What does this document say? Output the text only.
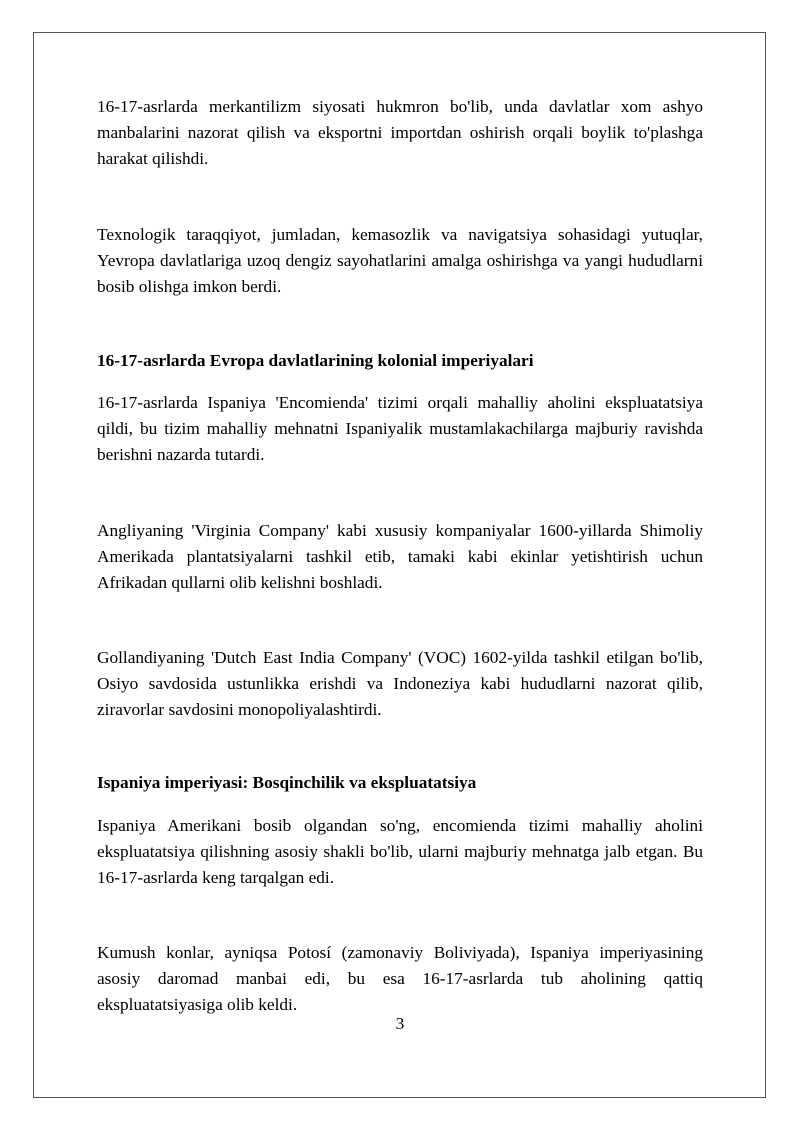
16-17-asrlarda merkantilizm siyosati hukmron bo'lib, unda davlatlar xom ashyo manbalarini nazorat qilish va eksportni importdan oshirish orqali boylik to'plashga harakat qilishdi.

Texnologik taraqqiyot, jumladan, kemasozlik va navigatsiya sohasidagi yutuqlar, Yevropa davlatlariga uzoq dengiz sayohatlarini amalga oshirishga va yangi hududlarni bosib olishga imkon berdi.

16-17-asrlarda Evropa davlatlarining kolonial imperiyalari

16-17-asrlarda Ispaniya 'Encomienda' tizimi orqali mahalliy aholini ekspluatatsiya qildi, bu tizim mahalliy mehnatni Ispaniyalik mustamlakachilarga majburiy ravishda berishni nazarda tutardi.

Angliyaning 'Virginia Company' kabi xususiy kompaniyalar 1600-yillarda Shimoliy Amerikada plantatsiyalarni tashkil etib, tamaki kabi ekinlar yetishtirish uchun Afrikadan qullarni olib kelishni boshladi.

Gollandiyaning 'Dutch East India Company' (VOC) 1602-yilda tashkil etilgan bo'lib, Osiyo savdosida ustunlikka erishdi va Indoneziya kabi hududlarni nazorat qilib, ziravorlar savdosini monopoliyalashtirdi.

Ispaniya imperiyasi: Bosqinchilik va ekspluatatsiya

Ispaniya Amerikani bosib olgandan so'ng, encomienda tizimi mahalliy aholini ekspluatatsiya qilishning asosiy shakli bo'lib, ularni majburiy mehnatga jalb etgan. Bu 16-17-asrlarda keng tarqalgan edi.

Kumush konlar, ayniqsa Potosí (zamonaviy Boliviyada), Ispaniya imperiyasining asosiy daromad manbai edi, bu esa 16-17-asrlarda tub aholining qattiq ekspluatatsiyasiga olib keldi.

3
